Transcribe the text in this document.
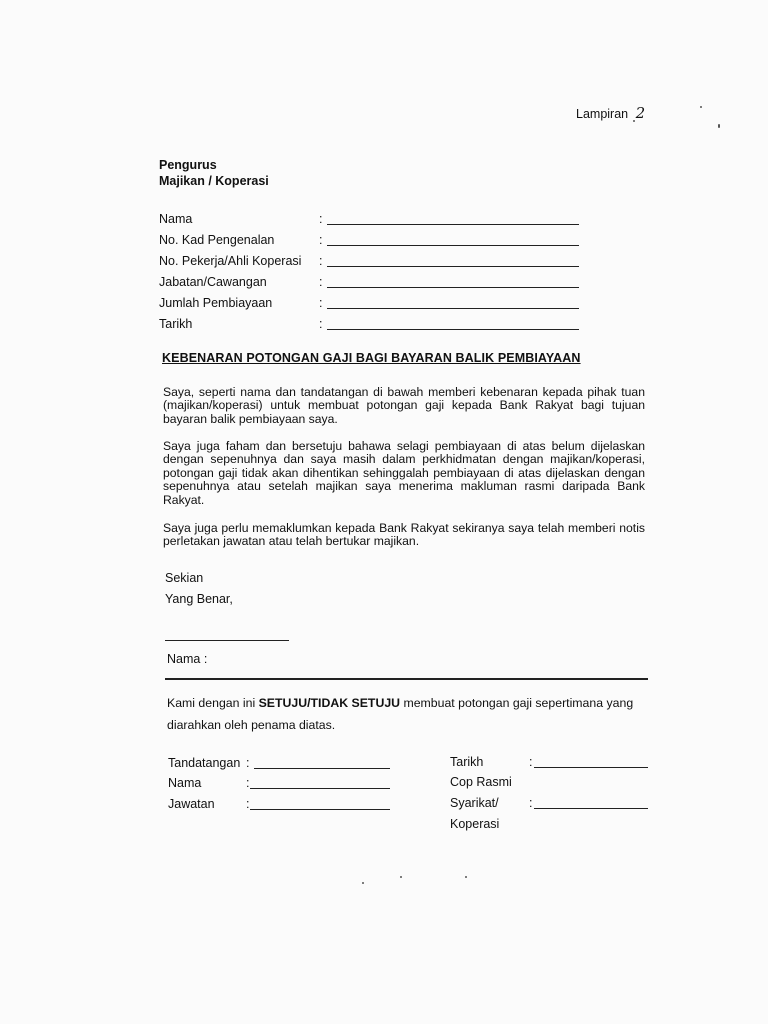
Lampiran 2
Pengurus
Majikan / Koperasi
Nama	:
No. Kad Pengenalan	:
No. Pekerja/Ahli Koperasi :
Jabatan/Cawangan	:
Jumlah Pembiayaan	:
Tarikh	:
KEBENARAN POTONGAN GAJI BAGI BAYARAN BALIK PEMBIAYAAN

Saya, seperti nama dan tandatangan di bawah memberi kebenaran kepada pihak tuan (majikan/koperasi) untuk membuat potongan gaji kepada Bank Rakyat bagi tujuan bayaran balik pembiayaan saya.

Saya juga faham dan bersetuju bahawa selagi pembiayaan di atas belum dijelaskan dengan sepenuhnya dan saya masih dalam perkhidmatan dengan majikan/koperasi, potongan gaji tidak akan dihentikan sehinggalah pembiayaan di atas dijelaskan dengan sepenuhnya atau setelah majikan saya menerima makluman rasmi daripada Bank Rakyat.

Saya juga perlu memaklumkan kepada Bank Rakyat sekiranya saya telah memberi notis perletakan jawatan atau telah bertukar majikan.

Sekian
Yang Benar,
Nama :

Kami dengan ini SETUJU/TIDAK SETUJU membuat potongan gaji sepertimana yang diarahkan oleh penama diatas.

Tandatangan :
Nama	:
Jawatan	:
Tarikh	:
Cop Rasmi
Syarikat/ :
Koperasi
